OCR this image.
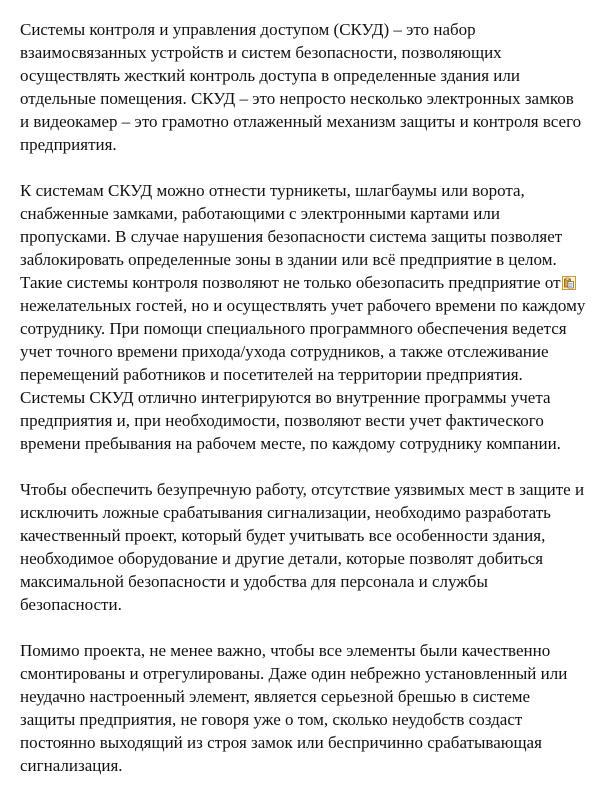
Системы контроля и управления доступом (СКУД) – это набор
взаимосвязанных устройств и систем безопасности, позволяющих
осуществлять жесткий контроль доступа в определенные здания или
отдельные помещения. СКУД – это непросто несколько электронных замков
и видеокамер – это грамотно отлаженный механизм защиты и контроля всего
предприятия.

К системам СКУД можно отнести турникеты, шлагбаумы или ворота,
снабженные замками, работающими с электронными картами или
пропусками. В случае нарушения безопасности система защиты позволяет
заблокировать определенные зоны в здании или всё предприятие в целом.
Такие системы контроля позволяют не только обезопасить предприятие от
нежелательных гостей, но и осуществлять учет рабочего времени по каждому
сотруднику. При помощи специального программного обеспечения ведется
учет точного времени прихода/ухода сотрудников, а также отслеживание
перемещений работников и посетителей на территории предприятия.
Системы СКУД отлично интегрируются во внутренние программы учета
предприятия и, при необходимости, позволяют вести учет фактического
времени пребывания на рабочем месте, по каждому сотруднику компании.

Чтобы обеспечить безупречную работу, отсутствие уязвимых мест в защите и
исключить ложные срабатывания сигнализации, необходимо разработать
качественный проект, который будет учитывать все особенности здания,
необходимое оборудование и другие детали, которые позволят добиться
максимальной безопасности и удобства для персонала и службы
безопасности.

Помимо проекта, не менее важно, чтобы все элементы были качественно
смонтированы и отрегулированы. Даже один небрежно установленный или
неудачно настроенный элемент, является серьезной брешью в системе
защиты предприятия, не говоря уже о том, сколько неудобств создаст
постоянно выходящий из строя замок или беспричинно срабатывающая
сигнализация.
